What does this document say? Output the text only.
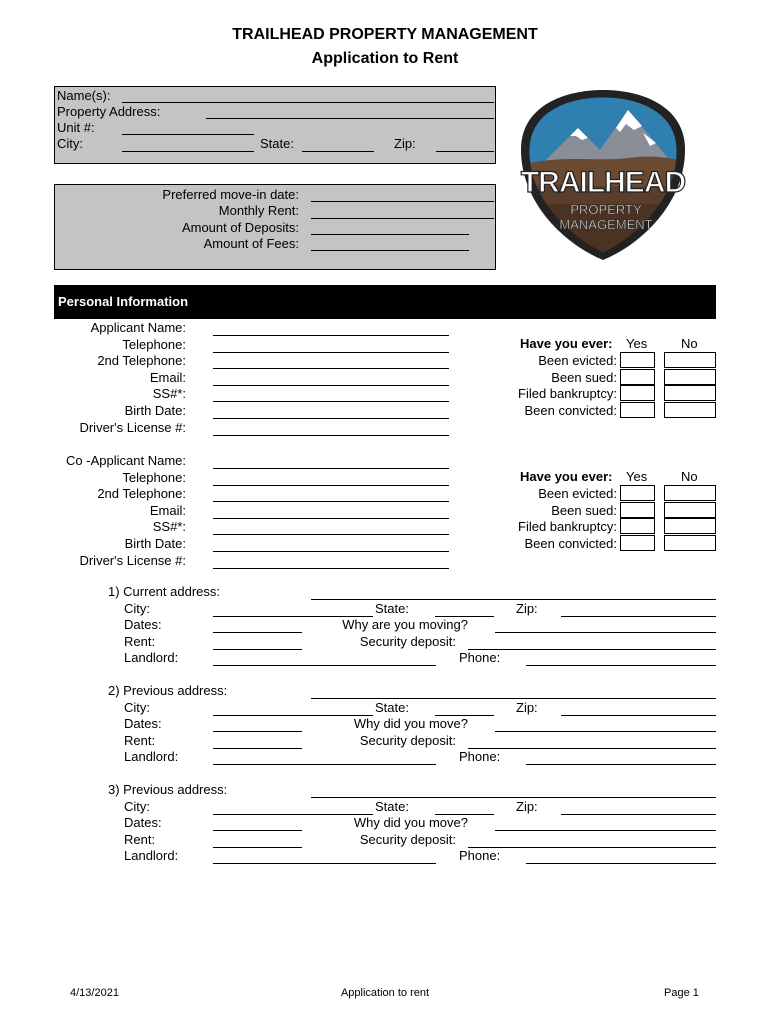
TRAILHEAD PROPERTY MANAGEMENT
Application to Rent
Name(s):
Property Address:
Unit #:
City:	State:	Zip:
Preferred move-in date:
Monthly Rent:
Amount of Deposits:
Amount of Fees:
TRAILHEAD
PROPERTY
MANAGEMENT
Personal Information
Applicant Name:
Telephone:
2nd Telephone:
Email:
SS#*:
Birth Date:
Driver's License #:
Co -Applicant Name:
Telephone:
2nd Telephone:
Email:
SS#*:
Birth Date:
Driver's License #:
Have you ever: Yes	No
Been evicted:
Been sued:
Filed bankruptcy:
Been convicted:
Have you ever: Yes	No
Been evicted:
Been sued:
Filed bankruptcy:
Been convicted:
1) Current address:
City:	State:	Zip:
Dates:	Why are you moving?
Rent:	Security deposit:
Landlord:	Phone:
2) Previous address:
City:	State:	Zip:
Dates:	Why did you move?
Rent:	Security deposit:
Landlord:	Phone:
3) Previous address:
City:	State:	Zip:
Dates:	Why did you move?
Rent:	Security deposit:
Landlord:	Phone:
4/13/2021	Application to rent	Page 1
